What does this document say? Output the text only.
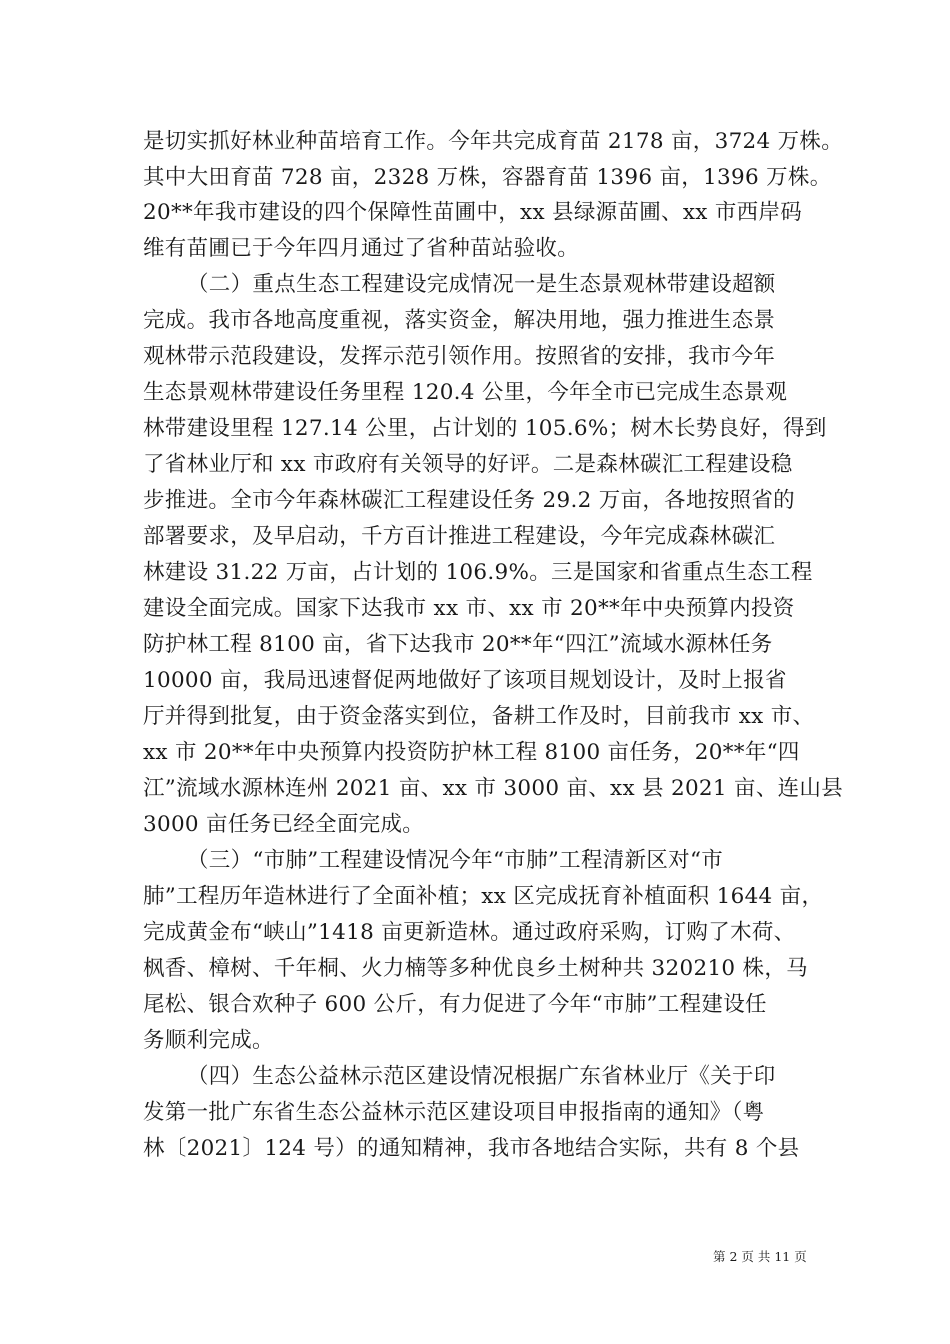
是切实抓好林业种苗培育工作。今年共完成育苗 2178 亩，3724 万株。
其中大田育苗 728 亩，2328 万株，容器育苗 1396 亩，1396 万株。
20**年我市建设的四个保障性苗圃中，xx 县绿源苗圃、xx 市西岸码
维有苗圃已于今年四月通过了省种苗站验收。
（二）重点生态工程建设完成情况一是生态景观林带建设超额
完成。我市各地高度重视，落实资金，解决用地，强力推进生态景
观林带示范段建设，发挥示范引领作用。按照省的安排，我市今年
生态景观林带建设任务里程 120.4 公里，今年全市已完成生态景观
林带建设里程 127.14 公里，占计划的 105.6%；树木长势良好，得到
了省林业厅和 xx 市政府有关领导的好评。二是森林碳汇工程建设稳
步推进。全市今年森林碳汇工程建设任务 29.2 万亩，各地按照省的
部署要求，及早启动，千方百计推进工程建设，今年完成森林碳汇
林建设 31.22 万亩，占计划的 106.9%。三是国家和省重点生态工程
建设全面完成。国家下达我市 xx 市、xx 市 20**年中央预算内投资
防护林工程 8100 亩，省下达我市 20**年“四江”流域水源林任务
10000 亩，我局迅速督促两地做好了该项目规划设计，及时上报省
厅并得到批复，由于资金落实到位，备耕工作及时，目前我市 xx 市、
xx 市 20**年中央预算内投资防护林工程 8100 亩任务，20**年“四
江”流域水源林连州 2021 亩、xx 市 3000 亩、xx 县 2021 亩、连山县
3000 亩任务已经全面完成。
（三）“市肺”工程建设情况今年“市肺”工程清新区对“市
肺”工程历年造林进行了全面补植；xx 区完成抚育补植面积 1644 亩，
完成黄金布“峡山”1418 亩更新造林。通过政府采购，订购了木荷、
枫香、樟树、千年桐、火力楠等多种优良乡土树种共 320210 株，马
尾松、银合欢种子 600 公斤，有力促进了今年“市肺”工程建设任
务顺利完成。
（四）生态公益林示范区建设情况根据广东省林业厅《关于印
发第一批广东省生态公益林示范区建设项目申报指南的通知》（粤
林〔2021〕124 号）的通知精神，我市各地结合实际，共有 8 个县
第 2 页 共 11 页
